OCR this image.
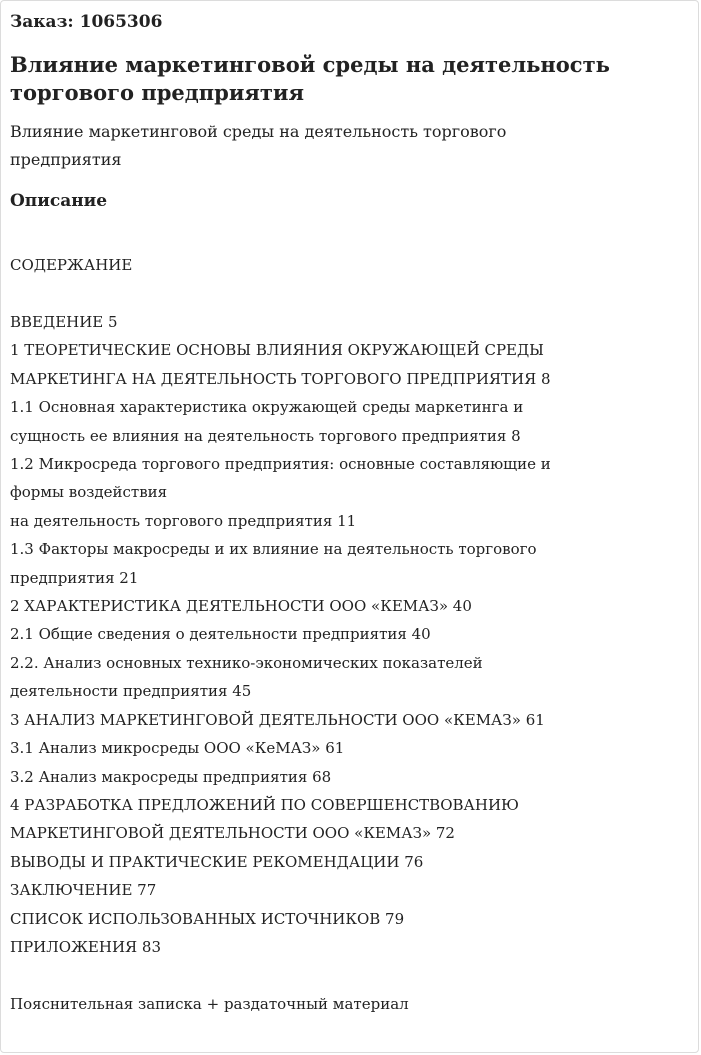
Заказ: 1065306
Влияние маркетинговой среды на деятельность
торгового предприятия
Влияние маркетинговой среды на деятельность торгового
предприятия
Описание
СОДЕРЖАНИЕ
ВВЕДЕНИЕ 5
1 ТЕОРЕТИЧЕСКИЕ ОСНОВЫ ВЛИЯНИЯ ОКРУЖАЮЩЕЙ СРЕДЫ
МАРКЕТИНГА НА ДЕЯТЕЛЬНОСТЬ ТОРГОВОГО ПРЕДПРИЯТИЯ 8
1.1 Основная характеристика окружающей среды маркетинга и
сущность ее влияния на деятельность торгового предприятия 8
1.2 Микросреда торгового предприятия: основные составляющие и
формы воздействия
на деятельность торгового предприятия 11
1.3 Факторы макросреды и их влияние на деятельность торгового
предприятия 21
2 ХАРАКТЕРИСТИКА ДЕЯТЕЛЬНОСТИ ООО «КЕМАЗ» 40
2.1 Общие сведения о деятельности предприятия 40
2.2. Анализ основных технико-экономических показателей
деятельности предприятия 45
3 АНАЛИЗ МАРКЕТИНГОВОЙ ДЕЯТЕЛЬНОСТИ ООО «КЕМАЗ» 61
3.1 Анализ микросреды ООО «КеМАЗ» 61
3.2 Анализ макросреды предприятия 68
4 РАЗРАБОТКА ПРЕДЛОЖЕНИЙ ПО СОВЕРШЕНСТВОВАНИЮ
МАРКЕТИНГОВОЙ ДЕЯТЕЛЬНОСТИ ООО «КЕМАЗ» 72
ВЫВОДЫ И ПРАКТИЧЕСКИЕ РЕКОМЕНДАЦИИ 76
ЗАКЛЮЧЕНИЕ 77
СПИСОК ИСПОЛЬЗОВАННЫХ ИСТОЧНИКОВ 79
ПРИЛОЖЕНИЯ 83
Пояснительная записка + раздаточный материал
